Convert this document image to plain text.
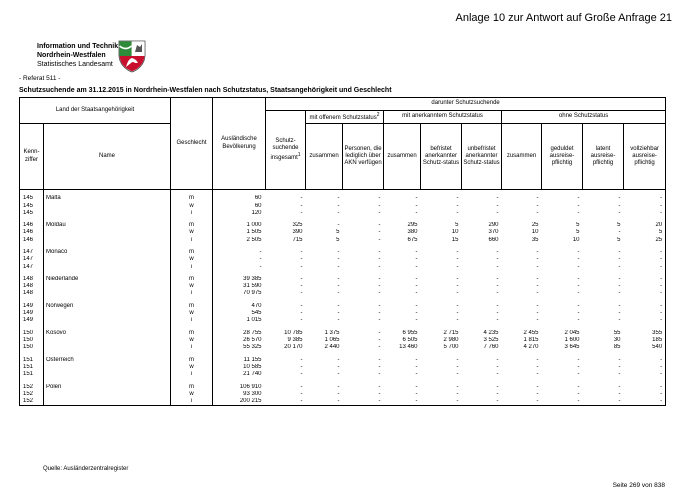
Anlage 10 zur Antwort auf Große Anfrage 21
Information und Technik
Nordrhein-Westfalen
Statistisches Landesamt
- Referat 511 -
Schutzsuchende am 31.12.2015 in Nordrhein-Westfalen nach Schutzstatus, Staatsangehörigkeit und Geschlecht
Land der Staatsangehörigkeit		Geschlecht	Ausländische Bevölkerung	darunter Schutzsuchende									
				Schutz-suchende insgesamt$^1$	mit offenem Schutzstatus$^2$		mit anerkanntem Schutzstatus			ohne Schutzstatus			
Kenn-ziffer	Name				zusammen	Personen, die lediglich über AKN verfügen	zusammen	befristet anerkannter Schutz-status	unbefristet anerkannter Schutz-status	zusammen	geduldet ausreise-pflichtig	latent ausreise-pflichtig	vollziehbar ausreise-pflichtig

145	Malta	m	60	-	-	-	-	-	-	-	-	-	-
145		w	60	-	-	-	-	-	-	-	-	-	-
145		i	120	-	-	-	-	-	-	-	-	-	-

146	Moldau	m	1 000	325	-	-	295	5	290	25	5	5	20
146		w	1 505	390	5	-	380	10	370	10	5	-	5
146		i	2 505	715	5	-	675	15	660	35	10	5	25

147	Monaco	m	-	-	-	-	-	-	-	-	-	-	-
147		w	-	-	-	-	-	-	-	-	-	-	-
147		i	-	-	-	-	-	-	-	-	-	-	-

148	Niederlande	m	39 385	-	-	-	-	-	-	-	-	-	-
148		w	31 590	-	-	-	-	-	-	-	-	-	-
148		i	70 975	-	-	-	-	-	-	-	-	-	-

149	Norwegen	m	470	-	-	-	-	-	-	-	-	-	-
149		w	545	-	-	-	-	-	-	-	-	-	-
149		i	1 015	-	-	-	-	-	-	-	-	-	-

150	Kosovo	m	28 755	10 785	1 375	-	6 955	2 715	4 235	2 455	2 045	55	355
150		w	26 570	9 385	1 065	-	6 505	2 980	3 525	1 815	1 600	30	185
150		i	55 325	20 170	2 440	-	13 460	5 700	7 760	4 270	3 645	85	540

151	Österreich	m	11 155	-	-	-	-	-	-	-	-	-	-
151		w	10 585	-	-	-	-	-	-	-	-	-	-
151		i	21 740	-	-	-	-	-	-	-	-	-	-

152	Polen	m	106 910	-	-	-	-	-	-	-	-	-	-
152		w	93 300	-	-	-	-	-	-	-	-	-	-
152		i	200 215	-	-	-	-	-	-	-	-	-	-
Quelle: Ausländerzentralregister
Seite 269 von 838
